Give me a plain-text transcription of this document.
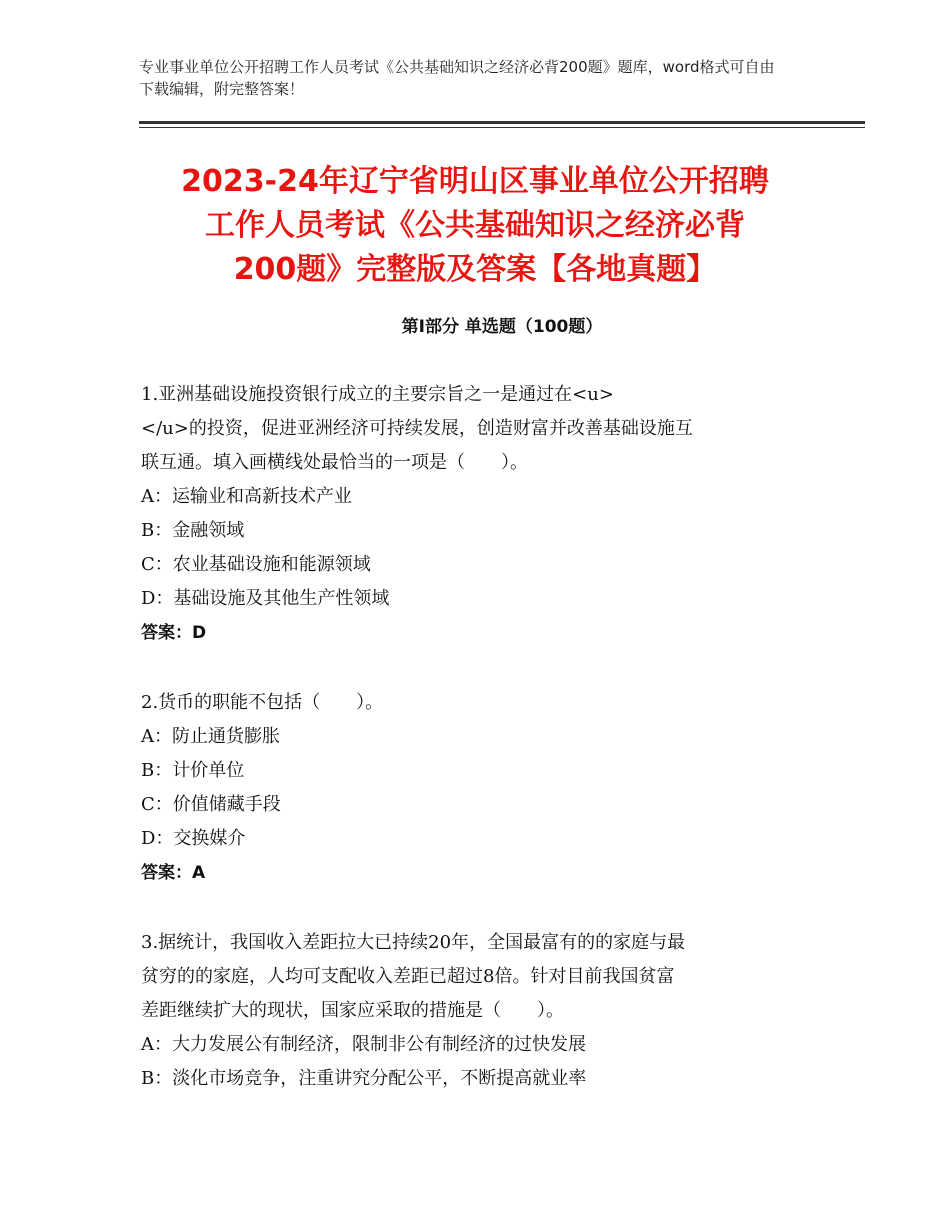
专业事业单位公开招聘工作人员考试《公共基础知识之经济必背200题》题库，word格式可自由下载编辑，附完整答案！
2023-24年辽宁省明山区事业单位公开招聘
工作人员考试《公共基础知识之经济必背
200题》完整版及答案【各地真题】
第Ⅰ部分 单选题（100题）
1.亚洲基础设施投资银行成立的主要宗旨之一是通过在<u>
</u>的投资，促进亚洲经济可持续发展，创造财富并改善基础设施互
联互通。填入画横线处最恰当的一项是（　　）。
A：运输业和高新技术产业
B：金融领域
C：农业基础设施和能源领域
D：基础设施及其他生产性领域
答案：D
2.货币的职能不包括（　　）。
A：防止通货膨胀
B：计价单位
C：价值储藏手段
D：交换媒介
答案：A
3.据统计，我国收入差距拉大已持续20年，全国最富有的的家庭与最
贫穷的的家庭，人均可支配收入差距已超过8倍。针对目前我国贫富
差距继续扩大的现状，国家应采取的措施是（　　）。
A：大力发展公有制经济，限制非公有制经济的过快发展
B：淡化市场竞争，注重讲究分配公平，不断提高就业率
